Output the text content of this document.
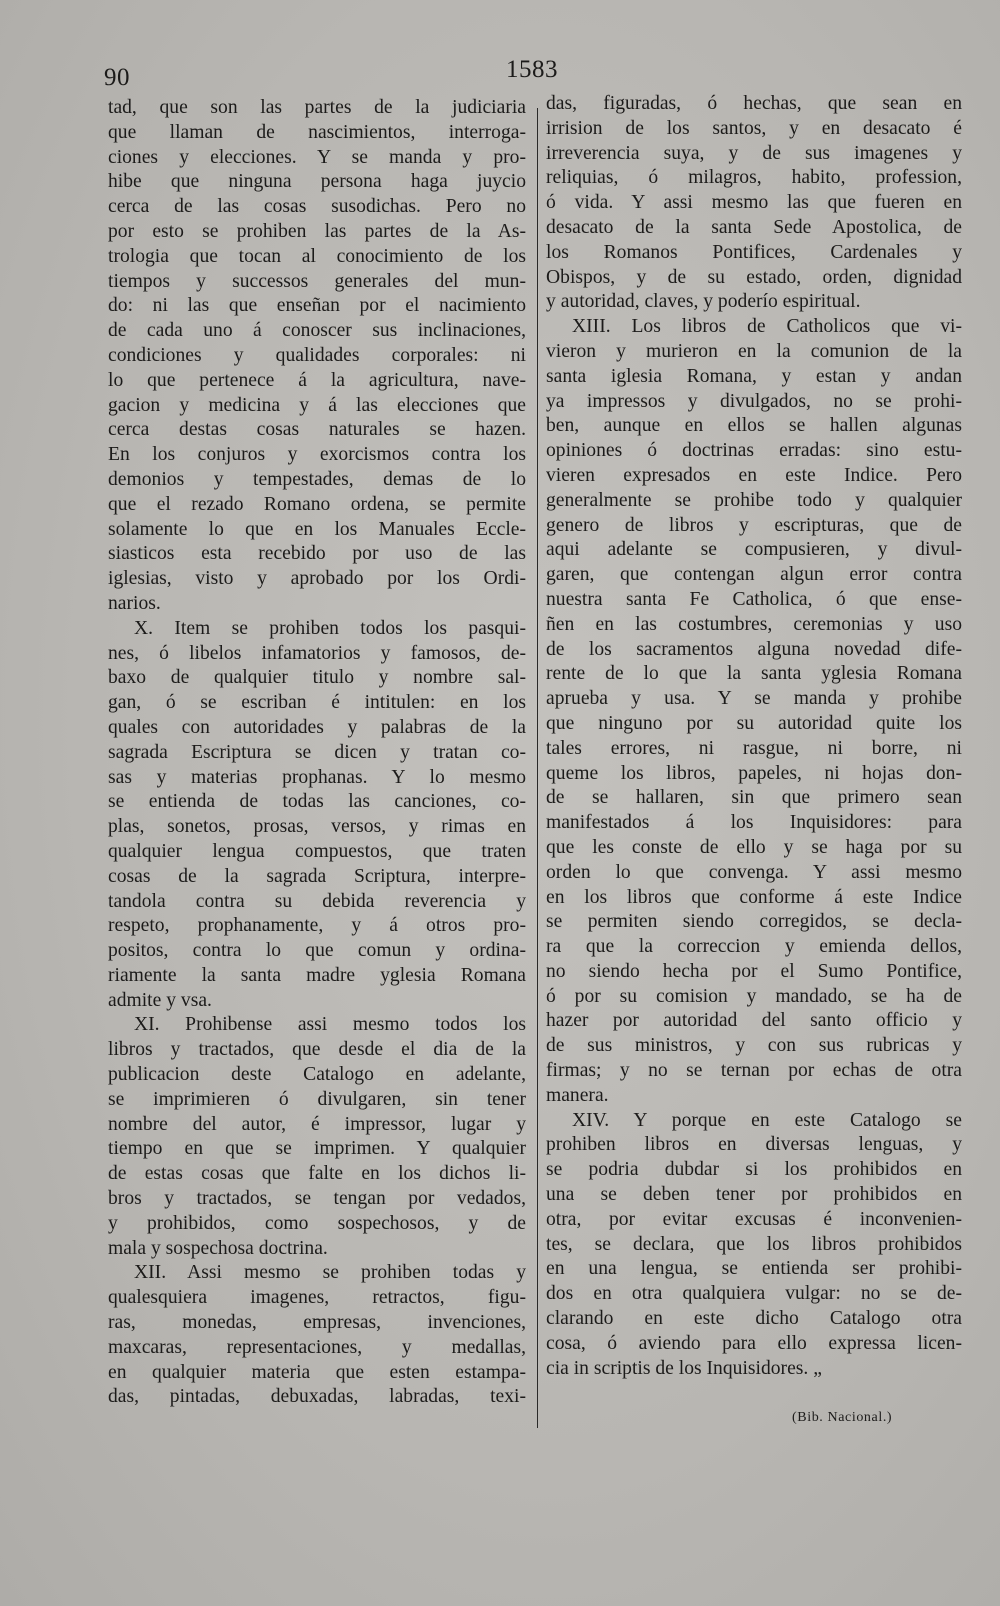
90	1583
tad, que son las partes de la judiciaria
que llaman de nascimientos, interroga-
ciones y elecciones. Y se manda y pro-
hibe que ninguna persona haga juycio
cerca de las cosas susodichas. Pero no
por esto se prohiben las partes de la As-
trologia que tocan al conocimiento de los
tiempos y successos generales del mun-
do: ni las que enseñan por el nacimiento
de cada uno á conoscer sus inclinaciones,
condiciones y qualidades corporales: ni
lo que pertenece á la agricultura, nave-
gacion y medicina y á las elecciones que
cerca destas cosas naturales se hazen.
En los conjuros y exorcismos contra los
demonios y tempestades, demas de lo
que el rezado Romano ordena, se permite
solamente lo que en los Manuales Eccle-
siasticos esta recebido por uso de las
iglesias, visto y aprobado por los Ordi-
narios.
X. Item se prohiben todos los pasqui-
nes, ó libelos infamatorios y famosos, de-
baxo de qualquier titulo y nombre sal-
gan, ó se escriban é intitulen: en los
quales con autoridades y palabras de la
sagrada Escriptura se dicen y tratan co-
sas y materias prophanas. Y lo mesmo
se entienda de todas las canciones, co-
plas, sonetos, prosas, versos, y rimas en
qualquier lengua compuestos, que traten
cosas de la sagrada Scriptura, interpre-
tandola contra su debida reverencia y
respeto, prophanamente, y á otros pro-
positos, contra lo que comun y ordina-
riamente la santa madre yglesia Romana
admite y vsa.
XI. Prohibense assi mesmo todos los
libros y tractados, que desde el dia de la
publicacion deste Catalogo en adelante,
se imprimieren ó divulgaren, sin tener
nombre del autor, é impressor, lugar y
tiempo en que se imprimen. Y qualquier
de estas cosas que falte en los dichos li-
bros y tractados, se tengan por vedados,
y prohibidos, como sospechosos, y de
mala y sospechosa doctrina.
XII. Assi mesmo se prohiben todas y
qualesquiera imagenes, retractos, figu-
ras, monedas, empresas, invenciones,
maxcaras, representaciones, y medallas,
en qualquier materia que esten estampa-
das, pintadas, debuxadas, labradas, texi-
das, figuradas, ó hechas, que sean en
irrision de los santos, y en desacato é
irreverencia suya, y de sus imagenes y
reliquias, ó milagros, habito, profession,
ó vida. Y assi mesmo las que fueren en
desacato de la santa Sede Apostolica, de
los Romanos Pontifices, Cardenales y
Obispos, y de su estado, orden, dignidad
y autoridad, claves, y poderío espiritual.
XIII. Los libros de Catholicos que vi-
vieron y murieron en la comunion de la
santa iglesia Romana, y estan y andan
ya impressos y divulgados, no se prohi-
ben, aunque en ellos se hallen algunas
opiniones ó doctrinas erradas: sino estu-
vieren expresados en este Indice. Pero
generalmente se prohibe todo y qualquier
genero de libros y escripturas, que de
aqui adelante se compusieren, y divul-
garen, que contengan algun error contra
nuestra santa Fe Catholica, ó que ense-
ñen en las costumbres, ceremonias y uso
de los sacramentos alguna novedad dife-
rente de lo que la santa yglesia Romana
aprueba y usa. Y se manda y prohibe
que ninguno por su autoridad quite los
tales errores, ni rasgue, ni borre, ni
queme los libros, papeles, ni hojas don-
de se hallaren, sin que primero sean
manifestados á los Inquisidores: para
que les conste de ello y se haga por su
orden lo que convenga. Y assi mesmo
en los libros que conforme á este Indice
se permiten siendo corregidos, se decla-
ra que la correccion y emienda dellos,
no siendo hecha por el Sumo Pontifice,
ó por su comision y mandado, se ha de
hazer por autoridad del santo officio y
de sus ministros, y con sus rubricas y
firmas; y no se ternan por echas de otra
manera.
XIV. Y porque en este Catalogo se
prohiben libros en diversas lenguas, y
se podria dubdar si los prohibidos en
una se deben tener por prohibidos en
otra, por evitar excusas é inconvenien-
tes, se declara, que los libros prohibidos
en una lengua, se entienda ser prohibi-
dos en otra qualquiera vulgar: no se de-
clarando en este dicho Catalogo otra
cosa, ó aviendo para ello expressa licen-
cia in scriptis de los Inquisidores. „
(Bib. Nacional.)
